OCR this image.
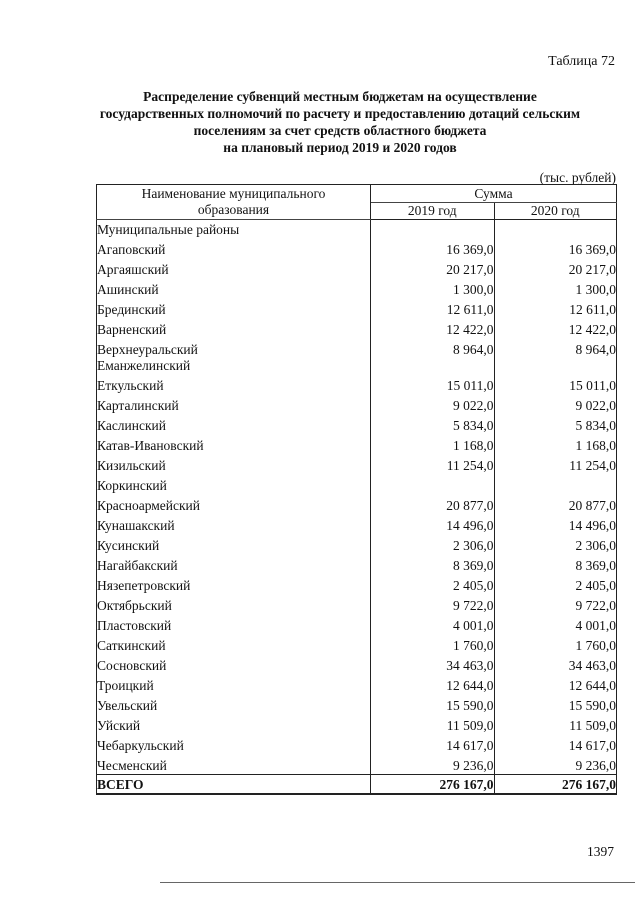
Таблица 72
Распределение субвенций местным бюджетам на осуществление
государственных полномочий по расчету и предоставлению дотаций сельским
поселениям за счет средств областного бюджета
на плановый период 2019 и 2020 годов
(тыс. рублей)
Наименование муниципального
образования	Сумма	
	2019 год	2020 год
Муниципальные районы		
Агаповский	16 369,0	16 369,0
Аргаяшский	20 217,0	20 217,0
Ашинский	1 300,0	1 300,0
Брединский	12 611,0	12 611,0
Варненский	12 422,0	12 422,0
Верхнеуральский	8 964,0	8 964,0
Еманжелинский		
Еткульский	15 011,0	15 011,0
Карталинский	9 022,0	9 022,0
Каслинский	5 834,0	5 834,0
Катав-Ивановский	1 168,0	1 168,0
Кизильский	11 254,0	11 254,0
Коркинский		
Красноармейский	20 877,0	20 877,0
Кунашакский	14 496,0	14 496,0
Кусинский	2 306,0	2 306,0
Нагайбакский	8 369,0	8 369,0
Нязепетровский	2 405,0	2 405,0
Октябрьский	9 722,0	9 722,0
Пластовский	4 001,0	4 001,0
Саткинский	1 760,0	1 760,0
Сосновский	34 463,0	34 463,0
Троицкий	12 644,0	12 644,0
Увельский	15 590,0	15 590,0
Уйский	11 509,0	11 509,0
Чебаркульский	14 617,0	14 617,0
Чесменский	9 236,0	9 236,0
ВСЕГО	276 167,0	276 167,0
1397
